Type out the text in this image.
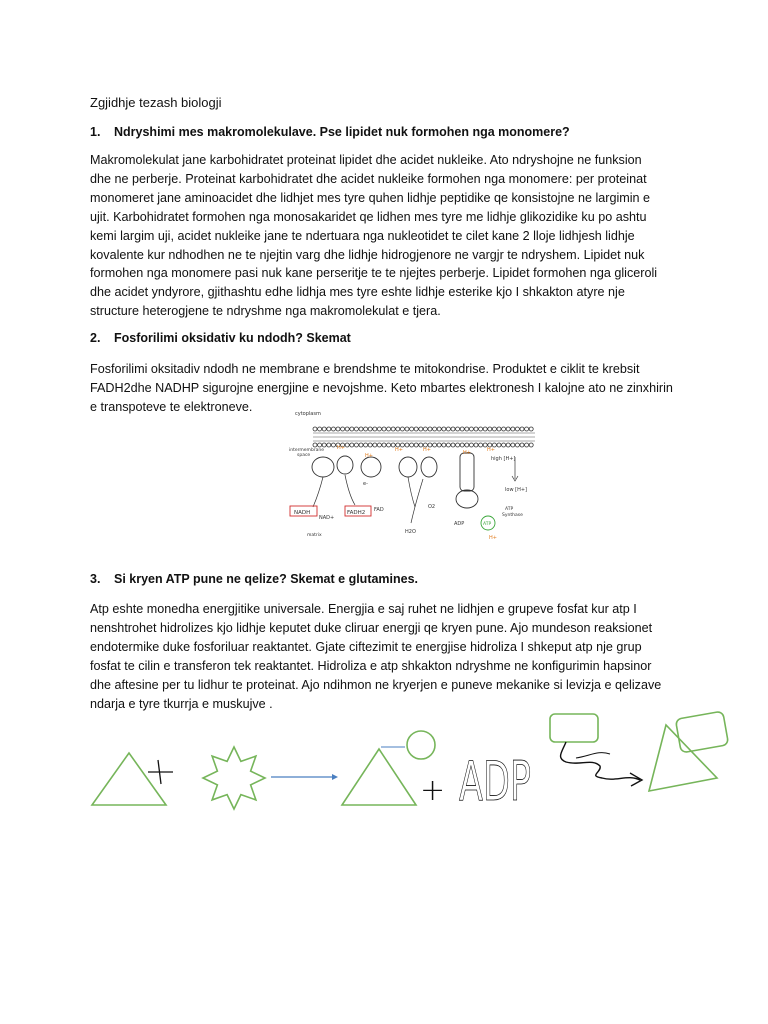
Zgjidhje tezash biologji
1.	Ndryshimi mes makromolekulave. Pse lipidet nuk formohen nga monomere?
Makromolekulat jane karbohidratet proteinat lipidet dhe acidet nukleike. Ato ndryshojne ne funksion
dhe ne perberje. Proteinat karbohidratet dhe acidet nukleike formohen nga monomere: per proteinat
monomeret jane aminoacidet dhe lidhjet mes tyre quhen lidhje peptidike qe konsistojne ne largimin e
ujit. Karbohidratet formohen nga monosakaridet qe lidhen mes tyre me lidhje glikozidike ku po ashtu
kemi largim uji, acidet nukleike jane te ndertuara nga nukleotidet te cilet kane 2 lloje lidhjesh lidhje
kovalente kur ndhodhen ne te njejtin varg dhe lidhje hidrogjenore ne vargjr te ndryshem. Lipidet nuk
formohen nga monomere pasi nuk kane perseritje te te njejtes perberje. Lipidet formohen nga gliceroli
dhe acidet yndyrore, gjithashtu edhe lidhja mes tyre eshte lidhje esterike kjo I shkakton atyre nje
structure heterogjene te ndryshme nga makromolekulat e tjera.
2.	Fosforilimi oksidativ ku ndodh? Skemat
Fosforilimi oksitadiv ndodh ne membrane e brendshme te mitokondrise. Produktet e ciklit te krebsit
FADH2dhe NADHP sigurojne energjine e nevojshme. Keto mbartes elektronesh I kalojne ato ne zinxhirin
e transpoteve te elektroneve.
cytoplasm
intermembrane
space
e-
H+
H+
H+	H+	H+	H+
H+
high [H+]
low [H+]
NADH
NAD+
FADH2 FAD	O2
H2O
ADP	ATP
ATP
Synthase
matrix
3.	Si kryen ATP pune ne qelize? Skemat e glutamines.
Atp eshte monedha energjitike universale. Energjia e saj ruhet ne lidhjen e grupeve fosfat kur atp I
nenshtrohet hidrolizes kjo lidhje keputet duke cliruar energji qe kryen pune. Ajo mundeson reaksionet
endotermike duke fosforiluar reaktantet. Gjate ciftezimit te energjise hidroliza I shkeput atp nje grup
fosfat te cilin e transferon tek reaktantet. Hidroliza e atp shkakton ndryshme ne konfigurimin hapsinor
dhe aftesine per tu lidhur te proteinat. Ajo ndihmon ne kryerjen e puneve mekanike si levizja e qelizave
ndarja e tyre tkurrja e muskujve .
+ ADP
